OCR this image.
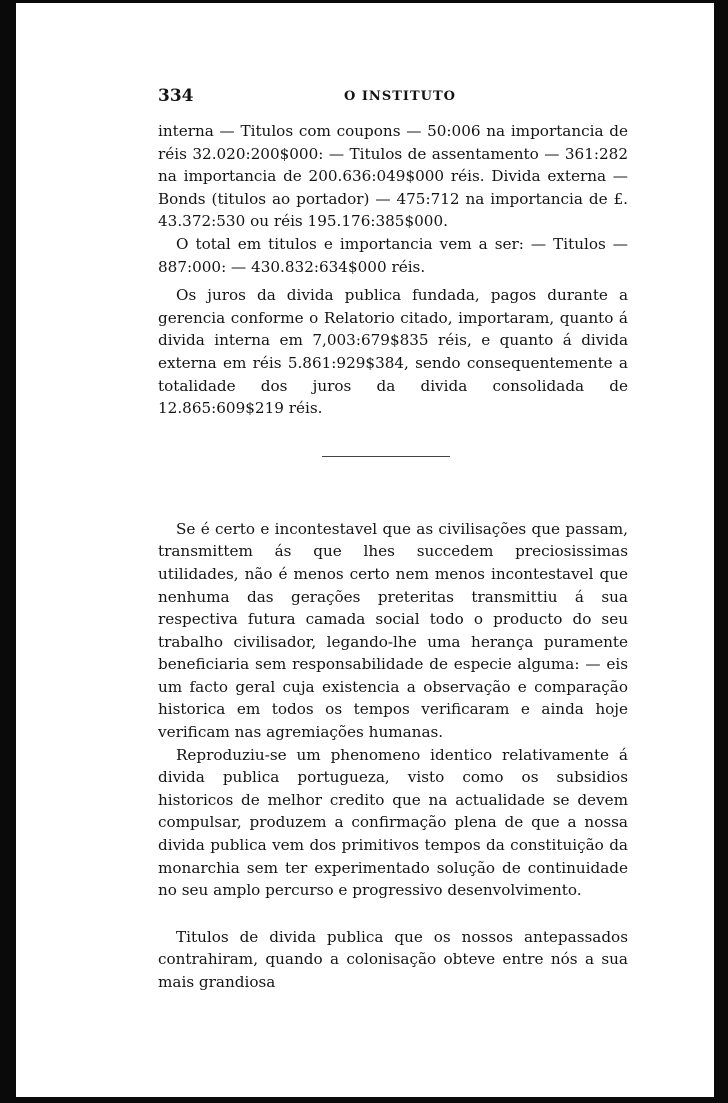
334	O INSTITUTO

interna — Titulos com coupons — 50:006 na importancia de réis 32.020:200$000: — Titulos de assentamento — 361:282 na importancia de 200.636:049$000 réis. Divida externa — Bonds (titulos ao portador) — 475:712 na importancia de £. 43.372:530 ou réis 195.176:385$000.

O total em titulos e importancia vem a ser: — Titulos — 887:000: — 430.832:634$000 réis.

Os juros da divida publica fundada, pagos durante a gerencia conforme o Relatorio citado, importaram, quanto á divida interna em 7,003:679$835 réis, e quanto á divida externa em réis 5.861:929$384, sendo consequentemente a totalidade dos juros da divida consolidada de 12.865:609$219 réis.

Se é certo e incontestavel que as civilisações que passam, transmittem ás que lhes succedem preciosissimas utilidades, não é menos certo nem menos incontestavel que nenhuma das gerações preteritas transmittiu á sua respectiva futura camada social todo o producto do seu trabalho civilisador, legando-lhe uma herança puramente beneficiaria sem responsabilidade de especie alguma: — eis um facto geral cuja existencia a observação e comparação historica em todos os tempos verificaram e ainda hoje verificam nas agremiações humanas.

Reproduziu-se um phenomeno identico relativamente á divida publica portugueza, visto como os subsidios historicos de melhor credito que na actualidade se devem compulsar, produzem a confirmação plena de que a nossa divida publica vem dos primitivos tempos da constituição da monarchia sem ter experimentado solução de continuidade no seu amplo percurso e progressivo desenvolvimento.

Titulos de divida publica que os nossos antepassados contrahiram, quando a colonisação obteve entre nós a sua mais grandiosa
